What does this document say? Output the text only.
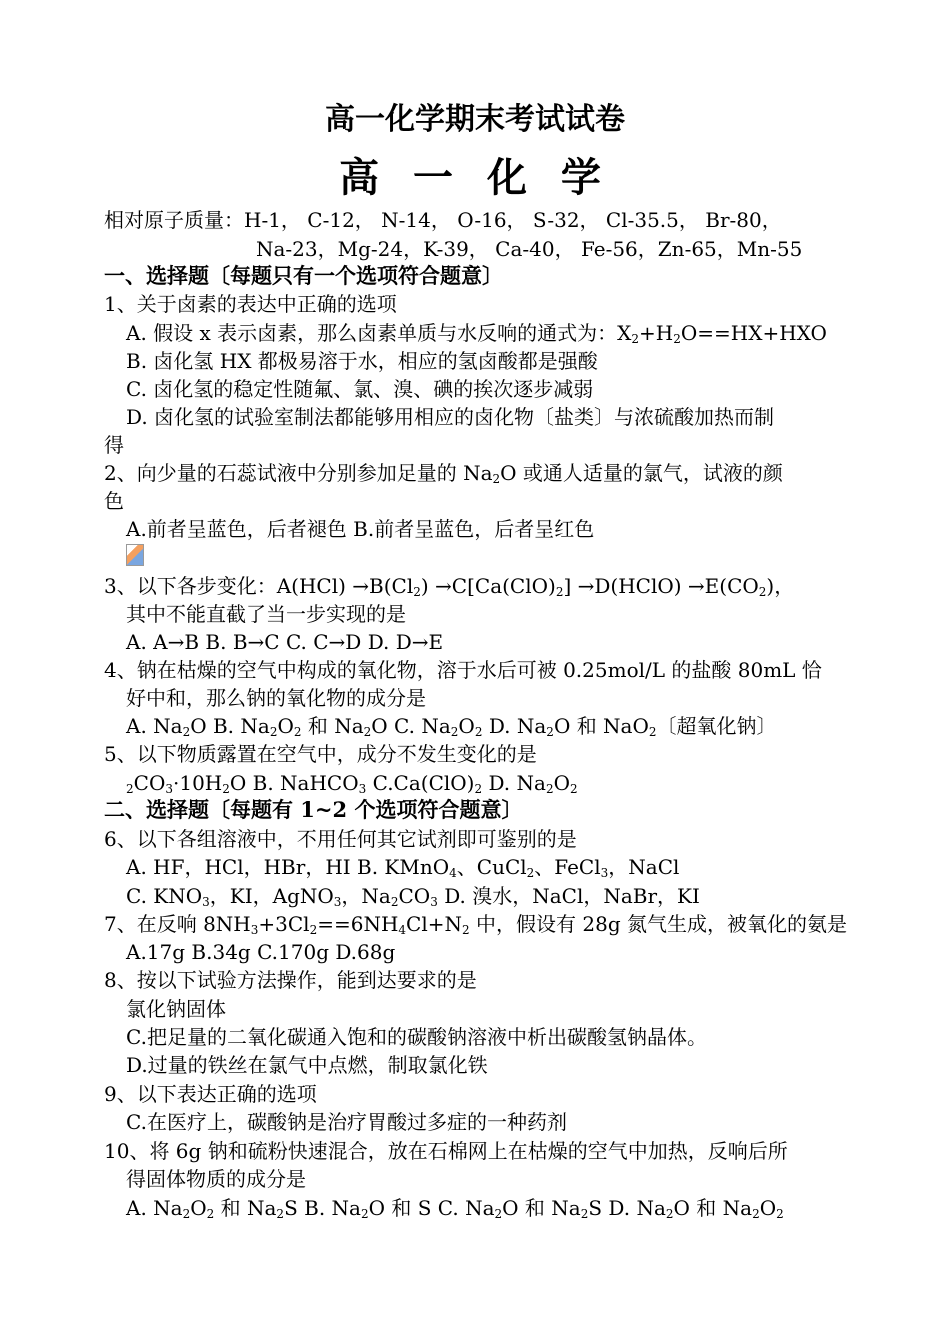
高一化学期末考试试卷
高 一 化 学
相对原子质量：H-1， C-12， N-14， O-16， S-32， Cl-35.5， Br-80，
Na-23，Mg-24，K-39， Ca-40， Fe-56，Zn-65，Mn-55
一、选择题〔每题只有一个选项符合题意〕
1、关于卤素的表达中正确的选项
A. 假设 x 表示卤素，那么卤素单质与水反响的通式为：$X_2+H_2O==HX+HXO$
B. 卤化氢 HX 都极易溶于水，相应的氢卤酸都是强酸
C. 卤化氢的稳定性随氟、氯、溴、碘的挨次逐步减弱
D. 卤化氢的试验室制法都能够用相应的卤化物〔盐类〕与浓硫酸加热而制
得
2、向少量的石蕊试液中分别参加足量的 $Na_2O$ 或通人适量的氯气，试液的颜
色
A.前者呈蓝色，后者褪色 B.前者呈蓝色，后者呈红色
3、以下各步变化：$A(HCl) \to B(Cl_2) \to C[Ca(ClO)_2]$ →D(HClO) $\to E(CO_2)$，
其中不能直截了当一步实现的是
A. A→B B. B→C C. C→D D. D→E
4、钠在枯燥的空气中构成的氧化物，溶于水后可被 0.25mol/L 的盐酸 80mL 恰
好中和，那么钠的氧化物的成分是
A. $Na_2O$ B. $Na_2O_2$ 和 $Na_2O$ C. $Na_2O_2$ D. $Na_2O$ 和 NaO$_2$〔超氧化钠〕
5、以下物质露置在空气中，成分不发生变化的是
$_2CO_3\cdot 10H_2O$ B. NaHCO$_3$ $C.Ca(ClO)_2$ D. $Na_2O_2$
二、选择题〔每题有 1~2 个选项符合题意〕
6、以下各组溶液中，不用任何其它试剂即可鉴别的是
A. HF，HCl，HBr，HI B. KMnO$_4$、CuCl$_2$、FeCl$_3$，NaCl
C. $KNO_3$，KI，AgNO$_3$，$Na_2CO_3$ D. 溴水，NaCl，NaBr，KI
7、在反响 $8NH_3+3Cl_2==6NH_4Cl+N_2$ 中，假设有 28g 氮气生成，被氧化的氨是
A.17g B.34g C.170g D.68g
8、按以下试验方法操作，能到达要求的是
氯化钠固体
C.把足量的二氧化碳通入饱和的碳酸钠溶液中析出碳酸氢钠晶体。
D.过量的铁丝在氯气中点燃，制取氯化铁
9、以下表达正确的选项
C.在医疗上，碳酸钠是治疗胃酸过多症的一种药剂
10、将 6g 钠和硫粉快速混合，放在石棉网上在枯燥的空气中加热，反响后所
得固体物质的成分是
A. $Na_2O_2$ 和 $Na_2S$ B. $Na_2O$ 和 S C. $Na_2O$ 和 $Na_2S$ D. $Na_2O$ 和 $Na_2O_2$
